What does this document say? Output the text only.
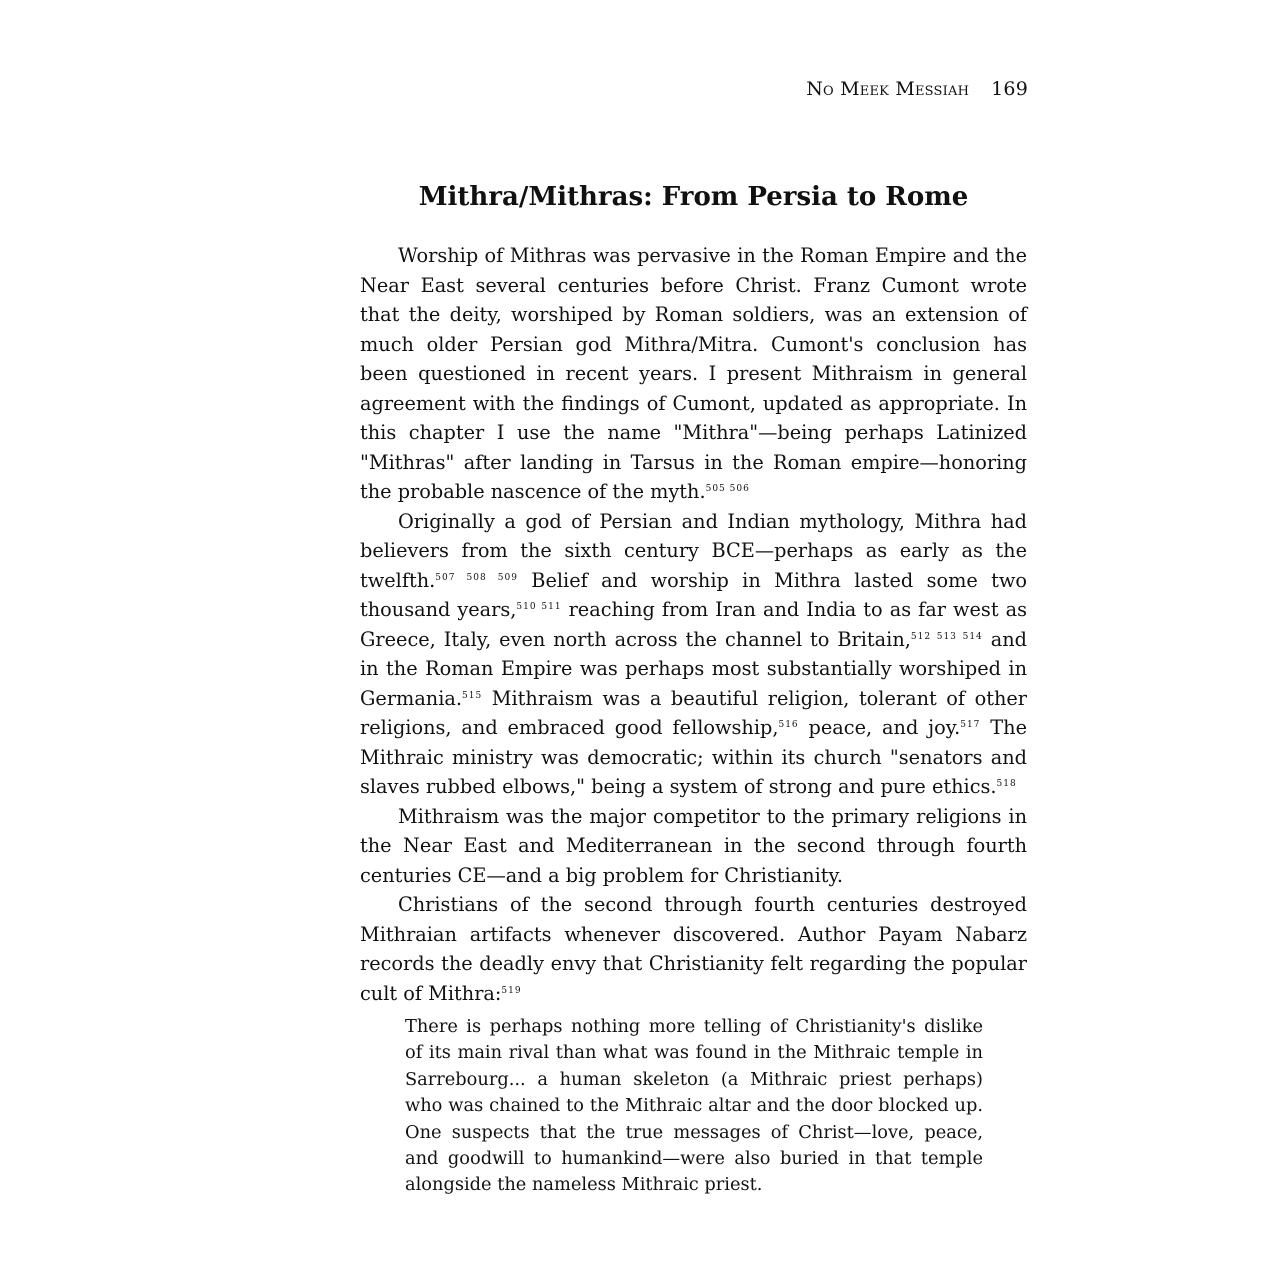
No Meek Messiah 169
Mithra/Mithras: From Persia to Rome

Worship of Mithras was pervasive in the Roman Empire and the Near East several centuries before Christ. Franz Cumont wrote that the deity, worshiped by Roman soldiers, was an extension of much older Persian god Mithra/Mitra. Cumont's conclusion has been questioned in recent years. I present Mithraism in general agreement with the findings of Cumont, updated as appropriate. In this chapter I use the name "Mithra"—being perhaps Latinized "Mithras" after landing in Tarsus in the Roman empire—honoring the probable nascence of the myth.$^{505 506}$

Originally a god of Persian and Indian mythology, Mithra had believers from the sixth century BCE—perhaps as early as the twelfth.$^{507 508 509}$ Belief and worship in Mithra lasted some two thousand years,$^{510 511}$ reaching from Iran and India to as far west as Greece, Italy, even north across the channel to Britain,$^{512 513 514}$ and in the Roman Empire was perhaps most substantially worshiped in Germania.$^{515}$ Mithraism was a beautiful religion, tolerant of other religions, and embraced good fellowship,$^{516}$ peace, and joy.$^{517}$ The Mithraic ministry was democratic; within its church "senators and slaves rubbed elbows," being a system of strong and pure ethics.$^{518}$

Mithraism was the major competitor to the primary religions in the Near East and Mediterranean in the second through fourth centuries CE—and a big problem for Christianity.

Christians of the second through fourth centuries destroyed Mithraian artifacts whenever discovered. Author Payam Nabarz records the deadly envy that Christianity felt regarding the popular cult of Mithra:$^{519}$

There is perhaps nothing more telling of Christianity's dislike of its main rival than what was found in the Mithraic temple in Sarrebourg... a human skeleton (a Mithraic priest perhaps) who was chained to the Mithraic altar and the door blocked up. One suspects that the true messages of Christ—love, peace, and goodwill to humankind—were also buried in that temple alongside the nameless Mithraic priest.
